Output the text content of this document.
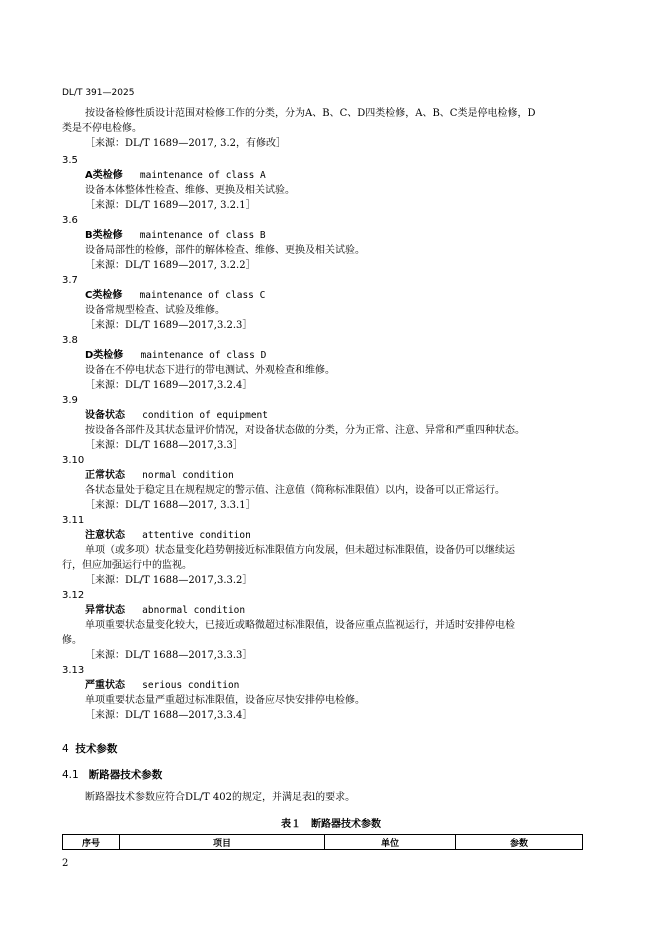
DL/T 391—2025
按设备检修性质设计范围对检修工作的分类，分为A、B、C、D四类检修，A、B、C类是停电检修，D
类是不停电检修。
［来源：DL/T 1689—2017, 3.2，有修改］
3.5
A类检修 maintenance of class A
设备本体整体性检查、维修、更换及相关试验。
［来源：DL/T 1689—2017, 3.2.1］
3.6
B类检修 maintenance of class B
设备局部性的检修，部件的解体检查、维修、更换及相关试验。
［来源：DL/T 1689—2017, 3.2.2］
3.7
C类检修 maintenance of class C
设备常规型检查、试验及维修。
［来源：DL/T 1689—2017,3.2.3］
3.8
D类检修 maintenance of class D
设备在不停电状态下进行的带电测试、外观检查和维修。
［来源：DL/T 1689—2017,3.2.4］
3.9
设备状态 condition of equipment
按设备各部件及其状态量评价情况，对设备状态做的分类，分为正常、注意、异常和严重四种状态。
［来源：DL/T 1688—2017,3.3］
3.10
正常状态 normal condition
各状态量处于稳定且在规程规定的警示值、注意值（简称标准限值）以内，设备可以正常运行。
［来源：DL/T 1688—2017, 3.3.1］
3.11
注意状态 attentive condition
单项（或多项）状态量变化趋势朝接近标准限值方向发展，但未超过标准限值，设备仍可以继续运
行，但应加强运行中的监视。
［来源：DL/T 1688—2017,3.3.2］
3.12
异常状态 abnormal condition
单项重要状态量变化较大，已接近或略微超过标准限值，设备应重点监视运行，并适时安排停电检
修。
［来源：DL/T 1688—2017,3.3.3］
3.13
严重状态 serious condition
单项重要状态量严重超过标准限值，设备应尽快安排停电检修。
［来源：DL/T 1688—2017,3.3.4］
4 技术参数
4.1 断路器技术参数
断路器技术参数应符合DL/T 402的规定，并满足表l的要求。
表１　断路器技术参数
序号	项目	单位	参数
2
